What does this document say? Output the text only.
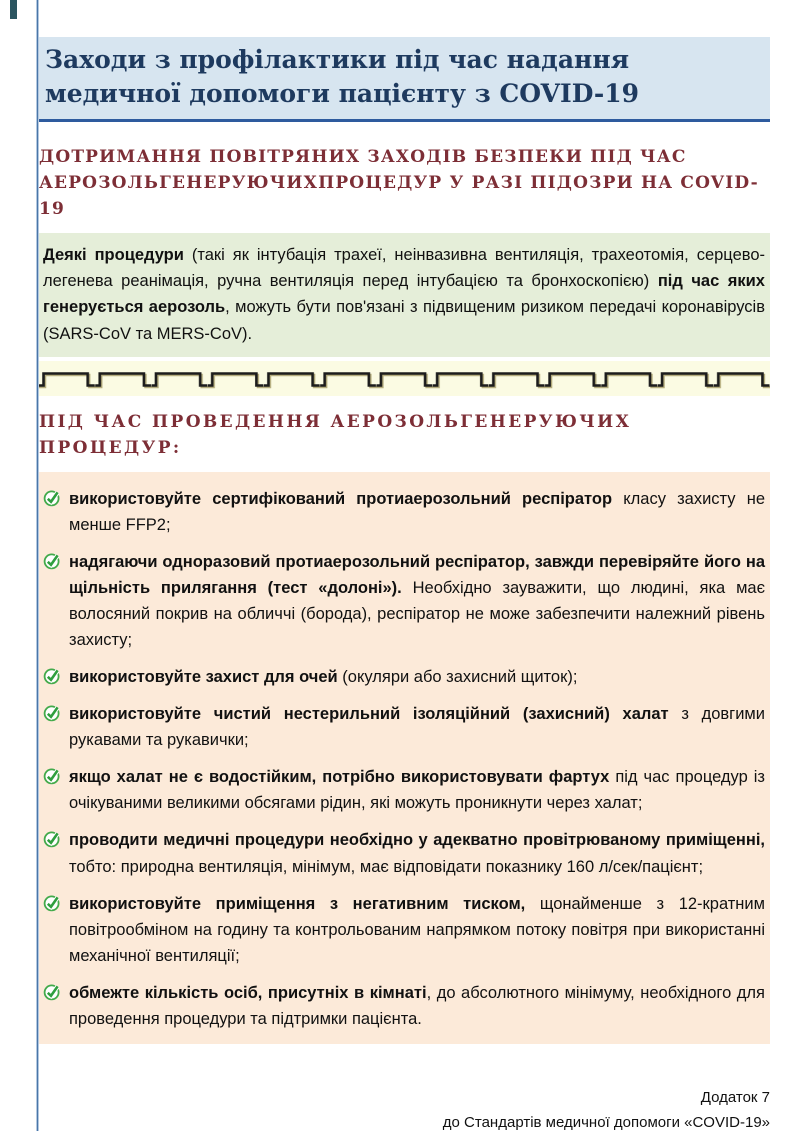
Заходи з профілактики під час надання медичної допомоги пацієнту з COVID-19
ДОТРИМАННЯ ПОВІТРЯНИХ ЗАХОДІВ БЕЗПЕКИ ПІД ЧАС АЕРОЗОЛЬГЕНЕРУЮЧИХПРОЦЕДУР У РАЗІ ПІДОЗРИ НА COVID-19
Деякі процедури (такі як інтубація трахеї, неінвазивна вентиляція, трахеотомія, серцево-легенева реанімація, ручна вентиляція перед інтубацією та бронхоскопією) під час яких генерується аерозоль, можуть бути пов'язані з підвищеним ризиком передачі коронавірусів (SARS-CoV та MERS-CoV).
ПІД ЧАС ПРОВЕДЕННЯ АЕРОЗОЛЬГЕНЕРУЮЧИХ ПРОЦЕДУР:

використовуйте сертифікований протиаерозольний респіратор класу захисту не менше FFP2;

надягаючи одноразовий протиаерозольний респіратор, завжди перевіряйте його на щільність прилягання (тест «долоні»). Необхідно зауважити, що людині, яка має волосяний покрив на обличчі (борода), респіратор не може забезпечити належний рівень захисту;

використовуйте захист для очей (окуляри або захисний щиток);

використовуйте чистий нестерильний ізоляційний (захисний) халат з довгими рукавами та рукавички;

якщо халат не є водостійким, потрібно використовувати фартух під час процедур із очікуваними великими обсягами рідин, які можуть проникнути через халат;

проводити медичні процедури необхідно у адекватно провітрюваному приміщенні, тобто: природна вентиляція, мінімум, має відповідати показнику 160 л/сек/пацієнт;

використовуйте приміщення з негативним тиском, щонайменше з 12-кратним повітрообміном на годину та контрольованим напрямком потоку повітря при використанні механічної вентиляції;

обмежте кількість осіб, присутніх в кімнаті, до абсолютного мінімуму, необхідного для проведення процедури та підтримки пацієнта.

Додаток 7
до Стандартів медичної допомоги «COVID-19»
